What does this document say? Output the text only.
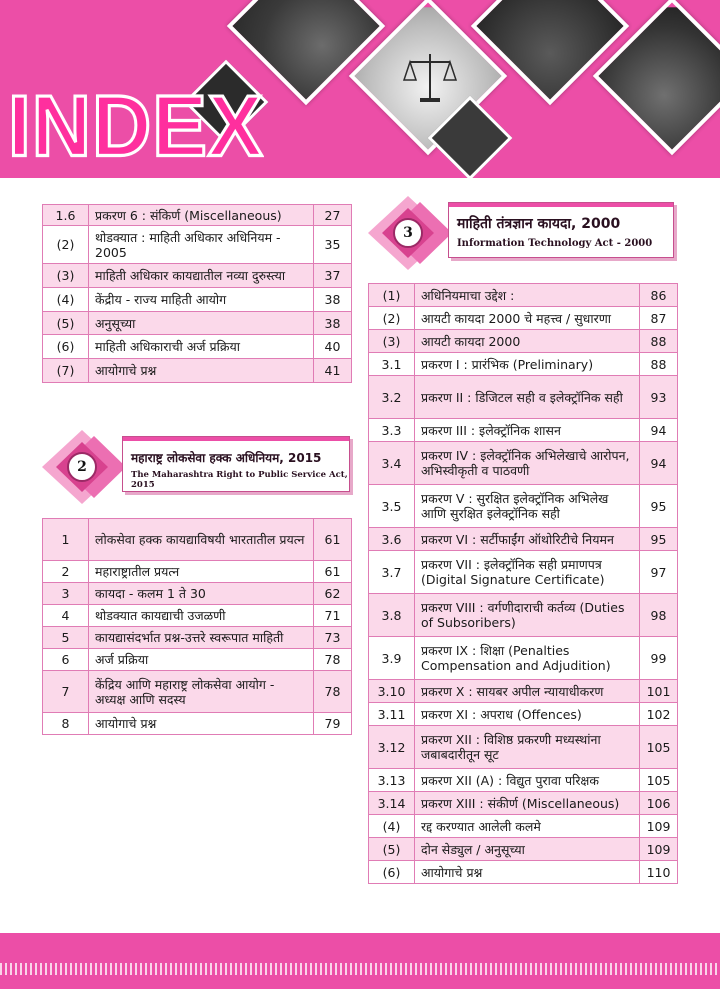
INDEX
1.6	प्रकरण 6 : संकिर्ण (Miscellaneous)	27
(2)	थोडक्यात : माहिती अधिकार अधिनियम - 2005	35
(3)	माहिती अधिकार कायद्यातील नव्या दुरुस्त्या	37
(4)	केंद्रीय - राज्य माहिती आयोग	38
(5)	अनुसूच्या	38
(6)	माहिती अधिकाराची अर्ज प्रक्रिया	40
(7)	आयोगाचे प्रश्न	41
2
महाराष्ट्र लोकसेवा हक्क अधिनियम, 2015
The Maharashtra Right to Public Service Act, 2015
1	लोकसेवा हक्क कायद्याविषयी भारतातील प्रयत्न	61
2	महाराष्ट्रातील प्रयत्न	61
3	कायदा - कलम 1 ते 30	62
4	थोडक्यात कायद्याची उजळणी	71
5	कायद्यासंदर्भात प्रश्न-उत्तरे स्वरूपात माहिती	73
6	अर्ज प्रक्रिया	78
7	केंद्रिय आणि महाराष्ट्र लोकसेवा आयोग - अध्यक्ष आणि सदस्य	78
8	आयोगाचे प्रश्न	79
3
माहिती तंत्रज्ञान कायदा, 2000
Information Technology Act - 2000
(1)	अधिनियमाचा उद्देश :	86
(2)	आयटी कायदा 2000 चे महत्त्व / सुधारणा	87
(3)	आयटी कायदा 2000	88
3.1	प्रकरण I : प्रारंभिक (Preliminary)	88
3.2	प्रकरण II : डिजिटल सही व इलेक्ट्रॉनिक सही	93
3.3	प्रकरण III : इलेक्ट्रॉनिक शासन	94
3.4	प्रकरण IV : इलेक्ट्रॉनिक अभिलेखाचे आरोपन, अभिस्वीकृती व पाठवणी	94
3.5	प्रकरण V : सुरक्षित इलेक्ट्रॉनिक अभिलेख आणि सुरक्षित इलेक्ट्रॉनिक सही	95
3.6	प्रकरण VI : सर्टीफाईंग ऑथोरिटीचे नियमन	95
3.7	प्रकरण VII : इलेक्ट्रॉनिक सही प्रमाणपत्र (Digital Signature Certificate)	97
3.8	प्रकरण VIII : वर्गणीदाराची कर्तव्य (Duties of Subsoribers)	98
3.9	प्रकरण IX : शिक्षा (Penalties Compensation and Adjudition)	99
3.10	प्रकरण X : सायबर अपील न्यायाधीकरण	101
3.11	प्रकरण XI : अपराध (Offences)	102
3.12	प्रकरण XII : विशिष्ठ प्रकरणी मध्यस्थांना जबाबदारीतून सूट	105
3.13	प्रकरण XII (A) : विद्युत पुरावा परिक्षक	105
3.14	प्रकरण XIII : संकीर्ण (Miscellaneous)	106
(4)	रद्द करण्यात आलेली कलमे	109
(5)	दोन सेड्युल / अनुसूच्या	109
(6)	आयोगाचे प्रश्न	110
